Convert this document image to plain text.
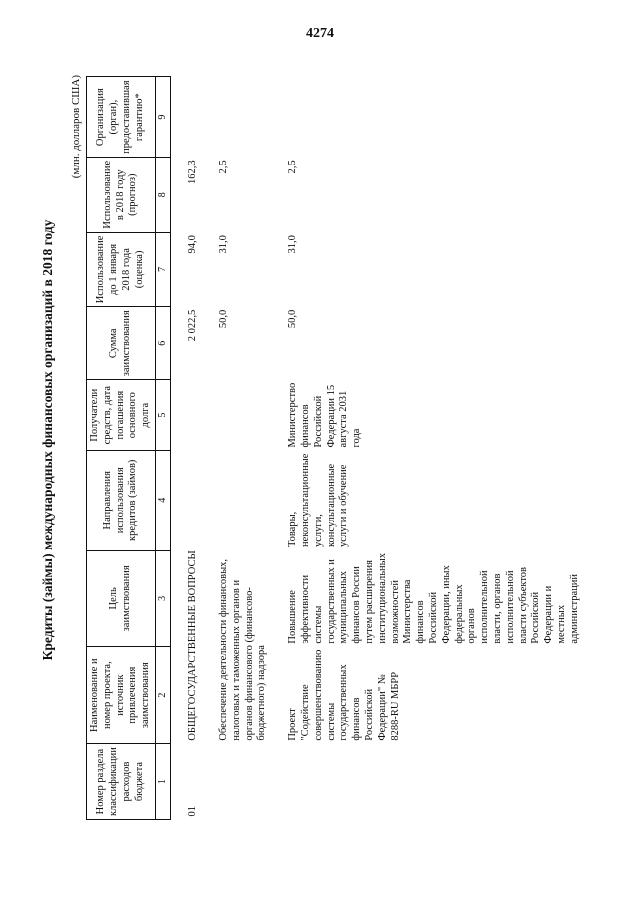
4274
Кредиты (займы) международных финансовых организаций в 2018 году
(млн. долларов США)
Номер раздела классификации расходов бюджета	Наименование и номер проекта, источник привлечения заимствования	Цель заимствования	Направления использования кредитов (займов)	Получатели средств, дата погашения основного долга	Сумма заимствования	Использование до 1 января 2018 года (оценка)	Использование в 2018 году (прогноз)	Организация (орган), предоставившая гарантию*
1	2	3	4	5	6	7	8	9

01	ОБЩЕГОСУДАРСТВЕННЫЕ ВОПРОСЫ				2 022,5	94,0	162,3	

	Обеспечение деятельности финансовых, налоговых и таможенных органов и органов финансового (финансово-бюджетного) надзора				50,0	31,0	2,5	

	Проект "Содействие совершенствованию системы государственных финансов Российской Федерации" № 8288-RU МБРР	Повышение эффективности системы государственных и муниципальных финансов России путем расширения институциональных возможностей Министерства финансов Российской Федерации, иных федеральных органов исполнительной власти, органов исполнительной власти субъектов Российской Федерации и местных администраций	Товары, неконсультационные услуги, консультационные услуги и обучение	Министерство финансов Российской Федерации 15 августа 2031 года	50,0	31,0	2,5	
